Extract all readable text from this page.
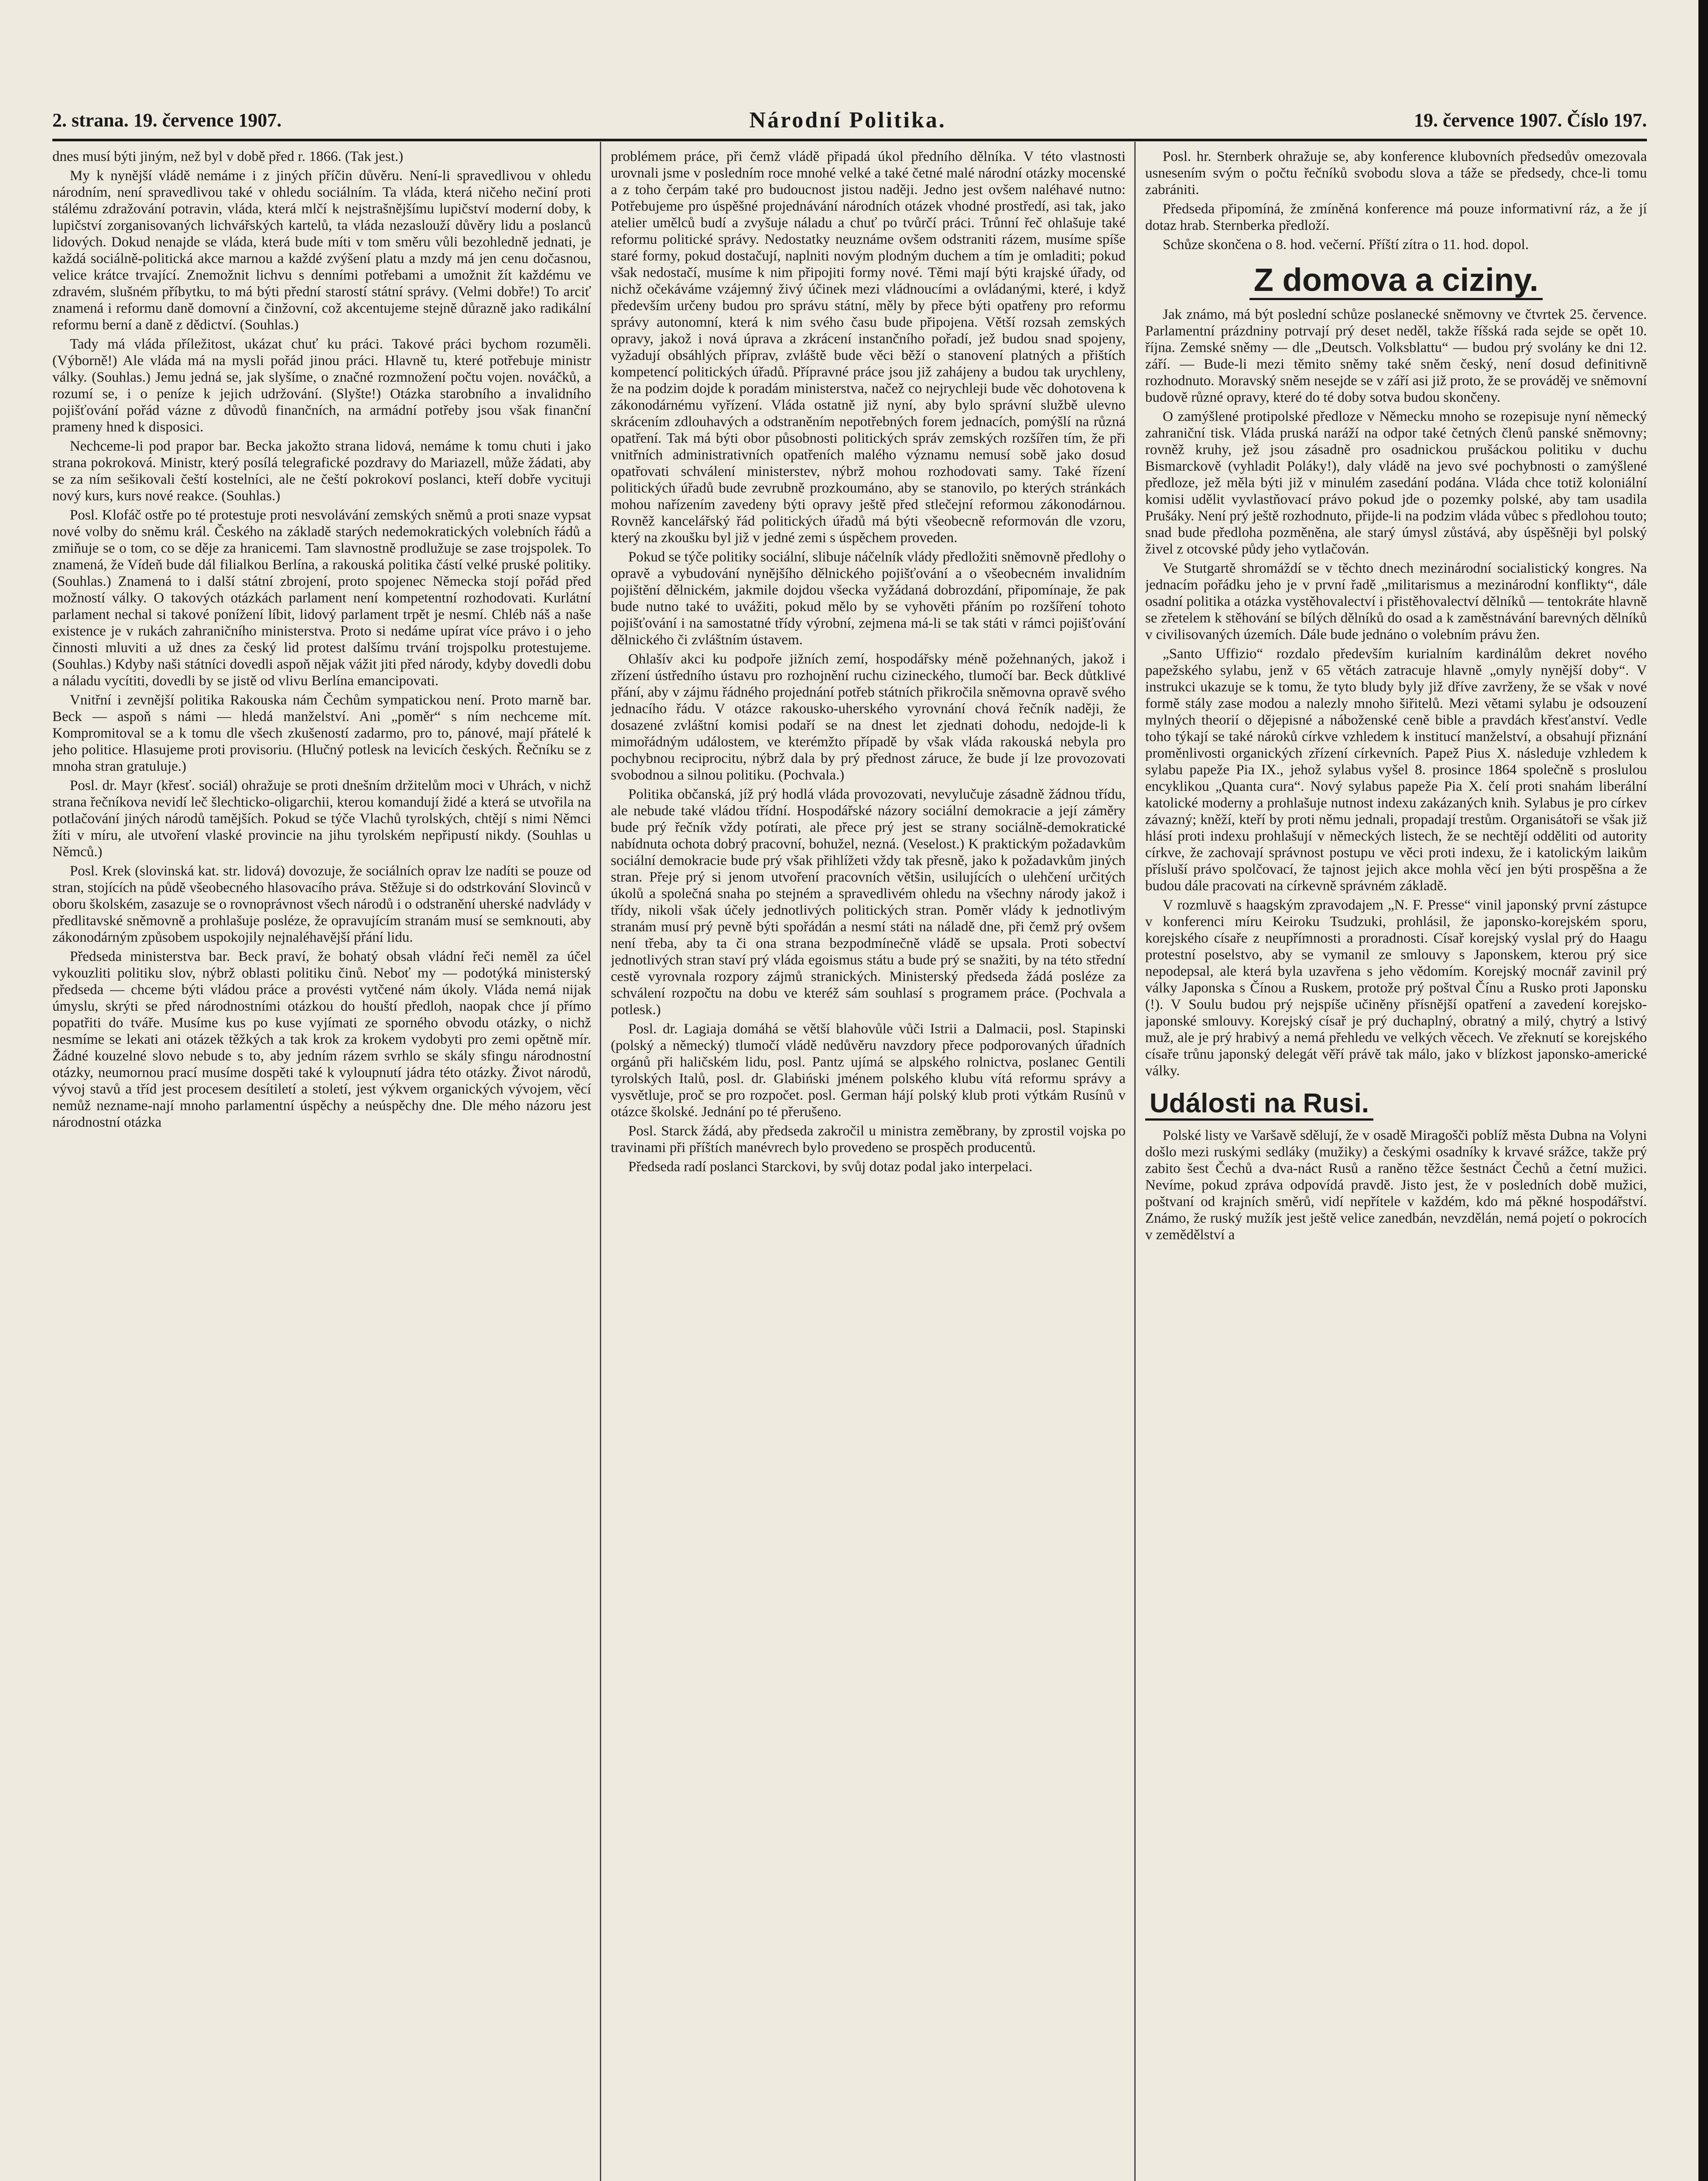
2. strana. 19. července 1907.	Národní Politika.	19. července 1907. Číslo 197.

dnes musí býti jiným, než byl v době před r. 1866. (Tak jest.)

My k nynější vládě nemáme i z jiných příčin důvěru. Není-li spravedlivou v ohledu národním, není spravedlivou také v ohledu sociálním. Ta vláda, která ničeho nečiní proti stálému zdražování potravin, vláda, která mlčí k nejstrašnějšímu lupičství moderní doby, k lupičství zorganisovaných lichvářských kartelů, ta vláda nezaslouží důvěry lidu a poslanců lidových. Dokud nenajde se vláda, která bude míti v tom směru vůli bezohledně jednati, je každá sociálně-politická akce marnou a každé zvýšení platu a mzdy má jen cenu dočasnou, velice krátce trvající. Znemožnit lichvu s denními potřebami a umožnit žít každému ve zdravém, slušném příbytku, to má býti přední starostí státní správy. (Velmi dobře!) To arciť znamená i reformu daně domovní a činžovní, což akcentujeme stejně důrazně jako radikální reformu berní a daně z dědictví. (Souhlas.)

Tady má vláda příležitost, ukázat chuť ku práci. Takové práci bychom rozuměli. (Výborně!) Ale vláda má na mysli pořád jinou práci. Hlavně tu, které potřebuje ministr války. (Souhlas.) Jemu jedná se, jak slyšíme, o značné rozmnožení počtu vojen. nováčků, a rozumí se, i o peníze k jejich udržování. (Slyšte!) Otázka starobního a invalidního pojišťování pořád vázne z důvodů finančních, na armádní potřeby jsou však finanční prameny hned k disposici.

Nechceme-li pod prapor bar. Becka jakožto strana lidová, nemáme k tomu chuti i jako strana pokroková. Ministr, který posílá telegrafické pozdravy do Mariazell, může žádati, aby se za ním sešikovali čeští kostelníci, ale ne čeští pokrokoví poslanci, kteří dobře vycituji nový kurs, kurs nové reakce. (Souhlas.)

Posl. Klofáč ostře po té protestuje proti nesvolávání zemských sněmů a proti snaze vypsat nové volby do sněmu král. Českého na základě starých nedemokratických volebních řádů a zmiňuje se o tom, co se děje za hranicemi. Tam slavnostně prodlužuje se zase trojspolek. To znamená, že Vídeň bude dál filialkou Berlína, a rakouská politika částí velké pruské politiky. (Souhlas.) Znamená to i další státní zbrojení, proto spojenec Německa stojí pořád před možností války. O takových otázkách parlament není kompetentní rozhodovati. Kurlátní parlament nechal si takové ponížení líbit, lidový parlament trpět je nesmí. Chléb náš a naše existence je v rukách zahraničního ministerstva. Proto si nedáme upírat více právo i o jeho činnosti mluviti a už dnes za český lid protest dalšímu trvání trojspolku protestujeme. (Souhlas.) Kdyby naši státníci dovedli aspoň nějak vážit jiti před národy, kdyby dovedli dobu a náladu vycítiti, dovedli by se jistě od vlivu Berlína emancipovati.

Vnitřní i zevnější politika Rakouska nám Čechům sympatickou není. Proto marně bar. Beck — aspoň s námi — hledá manželství. Ani „poměr“ s ním nechceme mít. Kompromitoval se a k tomu dle všech zkušeností zadarmo, pro to, pánové, mají přátelé k jeho politice. Hlasujeme proti provisoriu. (Hlučný potlesk na levicích českých. Řečníku se z mnoha stran gratuluje.)

Posl. dr. Mayr (křesť. sociál) ohražuje se proti dnešním držitelům moci v Uhrách, v nichž strana řečníkova nevidí leč šlechticko-oligarchii, kterou komandují židé a která se utvořila na potlačování jiných národů tamějších. Pokud se týče Vlachů tyrolských, chtějí s nimi Němci žíti v míru, ale utvoření vlaské provincie na jihu tyrolském nepřipustí nikdy. (Souhlas u Němců.)

Posl. Krek (slovinská kat. str. lidová) dovozuje, že sociálních oprav lze nadíti se pouze od stran, stojících na půdě všeobecného hlasovacího práva. Stěžuje si do odstrkování Slovinců v oboru školském, zasazuje se o rovnoprávnost všech národů i o odstranění uherské nadvlády v předlitavské sněmovně a prohlašuje posléze, že opravujícím stranám musí se semknouti, aby zákonodárným způsobem uspokojily nejnaléhavější přání lidu.

Předseda ministerstva bar. Beck praví, že bohatý obsah vládní řeči neměl za účel vykouzliti politiku slov, nýbrž oblasti politiku činů. Neboť my — podotýká ministerský předseda — chceme býti vládou práce a provésti vytčené nám úkoly. Vláda nemá nijak úmyslu, skrýti se před národnostními otázkou do houští předloh, naopak chce jí přímo popatřiti do tváře. Musíme kus po kuse vyjímati ze sporného obvodu otázky, o nichž nesmíme se lekati ani otázek těžkých a tak krok za krokem vydobyti pro zemi opětně mír. Žádné kouzelné slovo nebude s to, aby jedním rázem svrhlo se skály sfingu národnostní otázky, neumornou prací musíme dospěti také k vyloupnutí jádra této otázky. Život národů, vývoj stavů a tříd jest procesem desítiletí a století, jest výkvem organických vývojem, věcí nemůž nezname-nají mnoho parlamentní úspěchy a neúspěchy dne. Dle mého názoru jest národnostní otázka

problémem práce, při čemž vládě připadá úkol předního dělníka. V této vlastnosti urovnali jsme v posledním roce mnohé velké a také četné malé národní otázky mocenské a z toho čerpám také pro budoucnost jistou naději. Jedno jest ovšem naléhavé nutno: Potřebujeme pro úspěšné projednávání národních otázek vhodné prostředí, asi tak, jako atelier umělců budí a zvyšuje náladu a chuť po tvůrčí práci. Trůnní řeč ohlašuje také reformu politické správy. Nedostatky neuznáme ovšem odstraniti rázem, musíme spíše staré formy, pokud dostačují, naplniti novým plodným duchem a tím je omladiti; pokud však nedostačí, musíme k nim připojiti formy nové. Těmi mají býti krajské úřady, od nichž očekáváme vzájemný živý účinek mezi vládnoucími a ovládanými, které, i když především určeny budou pro správu státní, měly by přece býti opatřeny pro reformu správy autonomní, která k nim svého času bude připojena. Větší rozsah zemských opravy, jakož i nová úprava a zkrácení instančního pořadí, jež budou snad spojeny, vyžadují obsáhlých příprav, zvláště bude věci běží o stanovení platných a přištích kompetencí politických úřadů. Přípravné práce jsou již zahájeny a budou tak urychleny, že na podzim dojde k poradám ministerstva, načež co nejrychleji bude věc dohotovena k zákonodárnému vyřízení. Vláda ostatně již nyní, aby bylo správní službě ulevno skrácením zdlouhavých a odstraněním nepotřebných forem jednacích, pomýšlí na různá opatření. Tak má býti obor působnosti politických správ zemských rozšířen tím, že při vnitřních administrativních opatřeních malého významu nemusí sobě jako dosud opatřovati schválení ministerstev, nýbrž mohou rozhodovati samy. Také řízení politických úřadů bude zevrubně prozkoumáno, aby se stanovilo, po kterých stránkách mohou nařízením zavedeny býti opravy ještě před stlečejní reformou zákonodárnou. Rovněž kancelářský řád politických úřadů má býti všeobecně reformován dle vzoru, který na zkoušku byl již v jedné zemi s úspěchem proveden.

Pokud se týče politiky sociální, slibuje náčelník vlády předložiti sněmovně předlohy o opravě a vybudování nynějšího dělnického pojišťování a o všeobecném invalidním pojištění dělnickém, jakmile dojdou všecka vyžádaná dobrozdání, připomínaje, že pak bude nutno také to uvážiti, pokud mělo by se vyhověti přáním po rozšíření tohoto pojišťování i na samostatné třídy výrobní, zejmena má-li se tak státi v rámci pojišťování dělnického či zvláštním ústavem.

Ohlašív akci ku podpoře jižních zemí, hospodářsky méně požehnaných, jakož i zřízení ústředního ústavu pro rozhojnění ruchu cizineckého, tlumočí bar. Beck důtklivé přání, aby v zájmu řádného projednání potřeb státních přikročila sněmovna opravě svého jednacího řádu. V otázce rakousko-uherského vyrovnání chová řečník naději, že dosazené zvláštní komisi podaří se na dnest let zjednati dohodu, nedojde-li k mimořádným událostem, ve kterémžto případě by však vláda rakouská nebyla pro pochybnou reciprocitu, nýbrž dala by prý přednost záruce, že bude jí lze provozovati svobodnou a silnou politiku. (Pochvala.)

Politika občanská, jíž prý hodlá vláda provozovati, nevylučuje zásadně žádnou třídu, ale nebude také vládou třídní. Hospodářské názory sociální demokracie a její záměry bude prý řečník vždy potírati, ale přece prý jest se strany sociálně-demokratické nabídnuta ochota dobrý pracovní, bohužel, nezná. (Veselost.) K praktickým požadavkům sociální demokracie bude prý však přihlížeti vždy tak přesně, jako k požadavkům jiných stran. Přeje prý si jenom utvoření pracovních většin, usilujících o ulehčení určitých úkolů a společná snaha po stejném a spravedlivém ohledu na všechny národy jakož i třídy, nikoli však účely jednotlivých politických stran. Poměr vlády k jednotlivým stranám musí prý pevně býti spořádán a nesmí státi na náladě dne, při čemž prý ovšem není třeba, aby ta či ona strana bezpodmínečně vládě se upsala. Proti sobectví jednotlivých stran staví prý vláda egoismus státu a bude prý se snažiti, by na této střední cestě vyrovnala rozpory zájmů stranických. Ministerský předseda žádá posléze za schválení rozpočtu na dobu ve kteréž sám souhlasí s programem práce. (Pochvala a potlesk.)

Posl. dr. Lagiaja domáhá se větší blahovůle vůči Istrii a Dalmacii, posl. Stapinski (polský a německý) tlumočí vládě nedůvěru navzdory přece podporovaných úřadních orgánů při haličském lidu, posl. Pantz ujímá se alpského rolnictva, poslanec Gentili tyrolských Italů, posl. dr. Glabiński jménem polského klubu vítá reformu správy a vysvětluje, proč se pro rozpočet. posl. German hájí polský klub proti výtkám Rusínů v otázce školské. Jednání po té přerušeno.

Posl. Starck žádá, aby předseda zakročil u ministra zeměbrany, by zprostil vojska po travinami při příštích manévrech bylo provedeno se prospěch producentů.

Předseda radí poslanci Starckovi, by svůj dotaz podal jako interpelaci.

Posl. hr. Sternberk ohražuje se, aby konference klubovních předsedův omezovala usnesením svým o počtu řečníků svobodu slova a táže se předsedy, chce-li tomu zabrániti.

Předseda připomíná, že zmíněná konference má pouze informativní ráz, a že jí dotaz hrab. Sternberka předloží.

Schůze skončena o 8. hod. večerní. Příští zítra o 11. hod. dopol.

Z domova a ciziny.

Jak známo, má být poslední schůze poslanecké sněmovny ve čtvrtek 25. července. Parlamentní prázdniny potrvají prý deset neděl, takže říšská rada sejde se opět 10. října. Zemské sněmy — dle „Deutsch. Volksblattu“ — budou prý svolány ke dni 12. září. — Bude-li mezi těmito sněmy také sněm český, není dosud definitivně rozhodnuto. Moravský sněm nesejde se v září asi již proto, že se prováděj ve sněmovní budově různé opravy, které do té doby sotva budou skončeny.

O zamýšlené protipolské předloze v Německu mnoho se rozepisuje nyní německý zahraniční tisk. Vláda pruská naráží na odpor také četných členů panské sněmovny; rovněž kruhy, jež jsou zásadně pro osadnickou prušáckou politiku v duchu Bismarckově (vyhladit Poláky!), daly vládě na jevo své pochybnosti o zamýšlené předloze, jež měla býti již v minulém zasedání podána. Vláda chce totiž koloniální komisi udělit vyvlastňovací právo pokud jde o pozemky polské, aby tam usadila Prušáky. Není prý ještě rozhodnuto, přijde-li na podzim vláda vůbec s předlohou touto; snad bude předloha pozměněna, ale starý úmysl zůstává, aby úspěšněji byl polský živel z otcovské půdy jeho vytlačován.

Ve Stutgartě shromáždí se v těchto dnech mezinárodní socialistický kongres. Na jednacím pořádku jeho je v první řadě „militarismus a mezinárodní konflikty“, dále osadní politika a otázka vystěhovalectví i přistěhovalectví dělníků — tentokráte hlavně se zřetelem k stěhování se bílých dělníků do osad a k zaměstnávání barevných dělníků v civilisovaných územích. Dále bude jednáno o volebním právu žen.

„Santo Uffizio“ rozdalo především kurialním kardinálům dekret nového papežského sylabu, jenž v 65 větách zatracuje hlavně „omyly nynější doby“. V instrukci ukazuje se k tomu, že tyto bludy byly již dříve zavrženy, že se však v nové formě stály zase modou a nalezly mnoho šiřitelů. Mezi větami sylabu je odsouzení mylných theorií o dějepisné a náboženské ceně bible a pravdách křesťanství. Vedle toho týkají se také nároků církve vzhledem k institucí manželství, a obsahují přiznání proměnlivosti organických zřízení církevních. Papež Pius X. následuje vzhledem k sylabu papeže Pia IX., jehož sylabus vyšel 8. prosince 1864 společně s proslulou encyklikou „Quanta cura“. Nový sylabus papeže Pia X. čelí proti snahám liberální katolické moderny a prohlašuje nutnost indexu zakázaných knih. Sylabus je pro církev závazný; kněží, kteří by proti němu jednali, propadají trestům. Organisátoři se však již hlásí proti indexu prohlašují v německých listech, že se nechtějí odděliti od autority církve, že zachovají správnost postupu ve věci proti indexu, že i katolickým laikům přísluší právo spolčovací, že tajnost jejich akce mohla věcí jen býti prospěšna a že budou dále pracovati na církevně správném základě.

V rozmluvě s haagským zpravodajem „N. F. Presse“ vinil japonský první zástupce v konferenci míru Keiroku Tsudzuki, prohlásil, že japonsko-korejském sporu, korejského císaře z neupřímnosti a proradnosti. Císař korejský vyslal prý do Haagu protestní poselstvo, aby se vymanil ze smlouvy s Japonskem, kterou prý sice nepodepsal, ale která byla uzavřena s jeho vědomím. Korejský mocnář zavinil prý války Japonska s Čínou a Ruskem, protože prý poštval Čínu a Rusko proti Japonsku (!). V Soulu budou prý nejspíše učiněny přísnější opatření a zavedení korejsko-japonské smlouvy. Korejský císař je prý duchaplný, obratný a milý, chytrý a lstivý muž, ale je prý hrabivý a nemá přehledu ve velkých věcech. Ve zřeknutí se korejského císaře trůnu japonský delegát věří právě tak málo, jako v blízkost japonsko-americké války.

Události na Rusi.

Polské listy ve Varšavě sdělují, že v osadě Miragošči poblíž města Dubna na Volyni došlo mezi ruskými sedláky (mužiky) a českými osadníky k krvavé srážce, takže prý zabito šest Čechů a dva-náct Rusů a raněno těžce šestnáct Čechů a četní mužici. Nevíme, pokud zpráva odpovídá pravdě. Jisto jest, že v posledních době mužici, poštvaní od krajních směrů, vidí nepřítele v každém, kdo má pěkné hospodářství. Známo, že ruský mužík jest ještě velice zanedbán, nevzdělán, nemá pojetí o pokrocích v zemědělství a
